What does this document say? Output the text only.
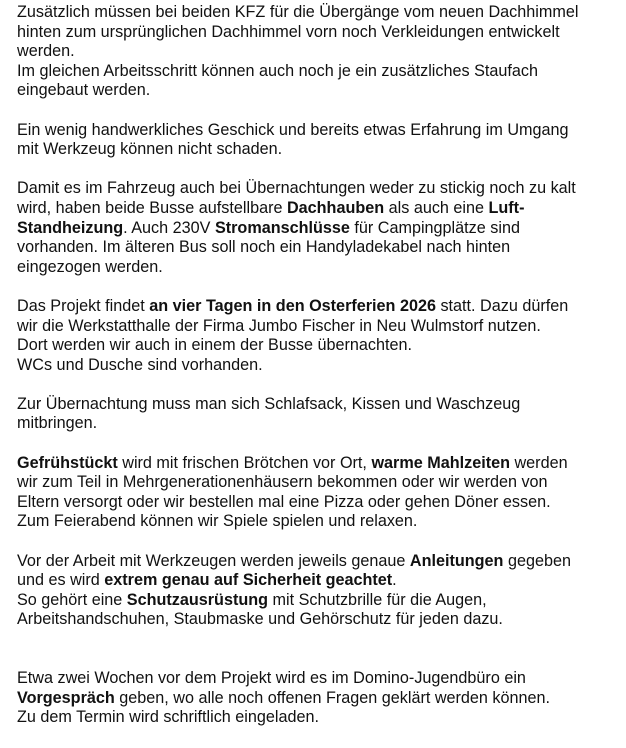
Zusätzlich müssen bei beiden KFZ für die Übergänge vom neuen Dachhimmel
hinten zum ursprünglichen Dachhimmel vorn noch Verkleidungen entwickelt
werden.
Im gleichen Arbeitsschritt können auch noch je ein zusätzliches Staufach
eingebaut werden.

Ein wenig handwerkliches Geschick und bereits etwas Erfahrung im Umgang
mit Werkzeug können nicht schaden.

Damit es im Fahrzeug auch bei Übernachtungen weder zu stickig noch zu kalt
wird, haben beide Busse aufstellbare Dachhauben als auch eine Luft-
Standheizung. Auch 230V Stromanschlüsse für Campingplätze sind
vorhanden. Im älteren Bus soll noch ein Handyladekabel nach hinten
eingezogen werden.

Das Projekt findet an vier Tagen in den Osterferien 2026 statt. Dazu dürfen
wir die Werkstatthalle der Firma Jumbo Fischer in Neu Wulmstorf nutzen.
Dort werden wir auch in einem der Busse übernachten.
WCs und Dusche sind vorhanden.

Zur Übernachtung muss man sich Schlafsack, Kissen und Waschzeug
mitbringen.

Gefrühstückt wird mit frischen Brötchen vor Ort, warme Mahlzeiten werden
wir zum Teil in Mehrgenerationenhäusern bekommen oder wir werden von
Eltern versorgt oder wir bestellen mal eine Pizza oder gehen Döner essen.
Zum Feierabend können wir Spiele spielen und relaxen.

Vor der Arbeit mit Werkzeugen werden jeweils genaue Anleitungen gegeben
und es wird extrem genau auf Sicherheit geachtet.
So gehört eine Schutzausrüstung mit Schutzbrille für die Augen,
Arbeitshandschuhen, Staubmaske und Gehörschutz für jeden dazu.

Etwa zwei Wochen vor dem Projekt wird es im Domino-Jugendbüro ein
Vorgespräch geben, wo alle noch offenen Fragen geklärt werden können.
Zu dem Termin wird schriftlich eingeladen.
